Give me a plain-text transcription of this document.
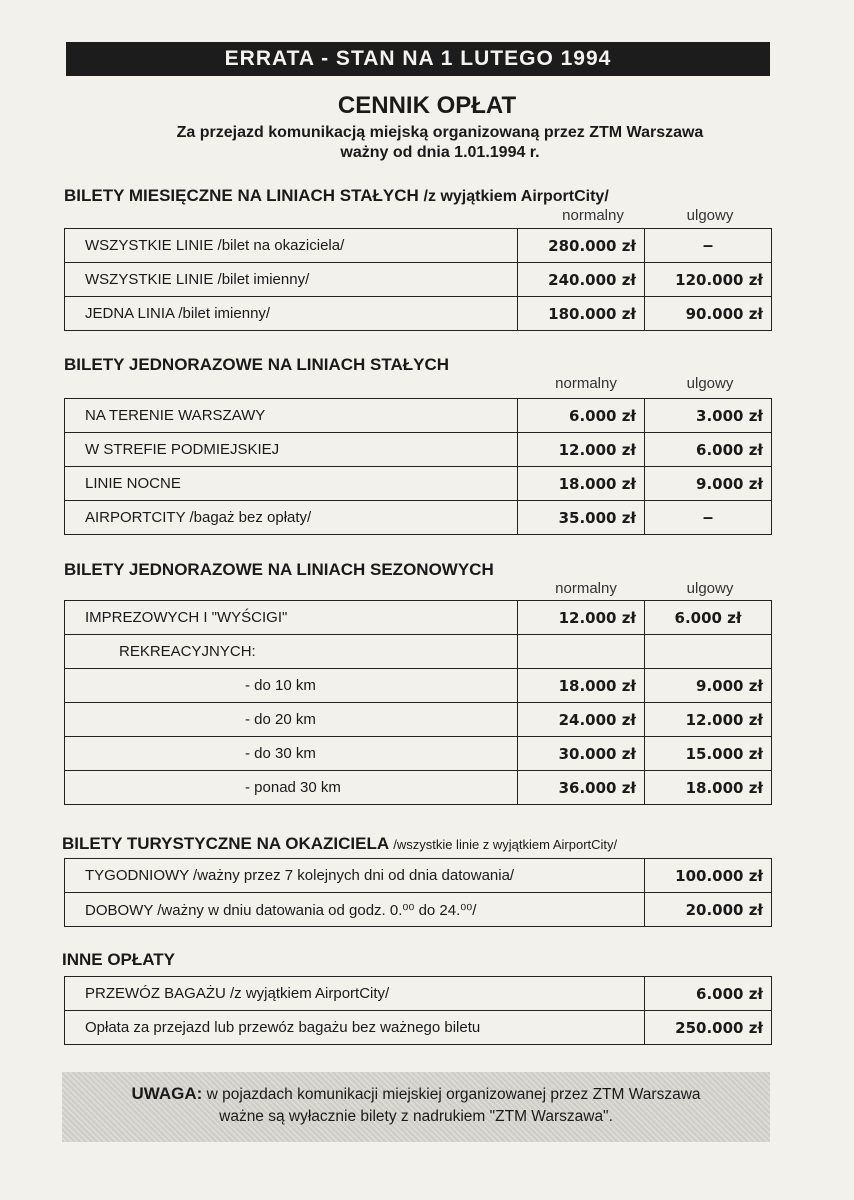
ERRATA - STAN NA 1 LUTEGO 1994
CENNIK OPŁAT
Za przejazd komunikacją miejską organizowaną przez ZTM Warszawa
ważny od dnia 1.01.1994 r.
BILETY MIESIĘCZNE NA LINIACH STAŁYCH /z wyjątkiem AirportCity/
normalny	ulgowy
WSZYSTKIE LINIE /bilet na okaziciela/	280.000 zł	–
WSZYSTKIE LINIE /bilet imienny/	240.000 zł	120.000 zł
JEDNA LINIA /bilet imienny/	180.000 zł	90.000 zł
BILETY JEDNORAZOWE NA LINIACH STAŁYCH
normalny	ulgowy
NA TERENIE WARSZAWY	6.000 zł	3.000 zł
W STREFIE PODMIEJSKIEJ	12.000 zł	6.000 zł
LINIE NOCNE	18.000 zł	9.000 zł
AIRPORTCITY /bagaż bez opłaty/	35.000 zł	–
BILETY JEDNORAZOWE NA LINIACH SEZONOWYCH
normalny	ulgowy
IMPREZOWYCH I "WYŚCIGI"	12.000 zł	6.000 zł
REKREACYJNYCH:		
- do 10 km	18.000 zł	9.000 zł
- do 20 km	24.000 zł	12.000 zł
- do 30 km	30.000 zł	15.000 zł
- ponad 30 km	36.000 zł	18.000 zł
BILETY TURYSTYCZNE NA OKAZICIELA /wszystkie linie z wyjątkiem AirportCity/
TYGODNIOWY /ważny przez 7 kolejnych dni od dnia datowania/	100.000 zł
DOBOWY /ważny w dniu datowania od godz. 0.⁰⁰ do 24.⁰⁰/	20.000 zł
INNE OPŁATY
PRZEWÓZ BAGAŻU /z wyjątkiem AirportCity/	6.000 zł
Opłata za przejazd lub przewóz bagażu bez ważnego biletu	250.000 zł
UWAGA: w pojazdach komunikacji miejskiej organizowanej przez ZTM Warszawa
ważne są wyłacznie bilety z nadrukiem "ZTM Warszawa".
